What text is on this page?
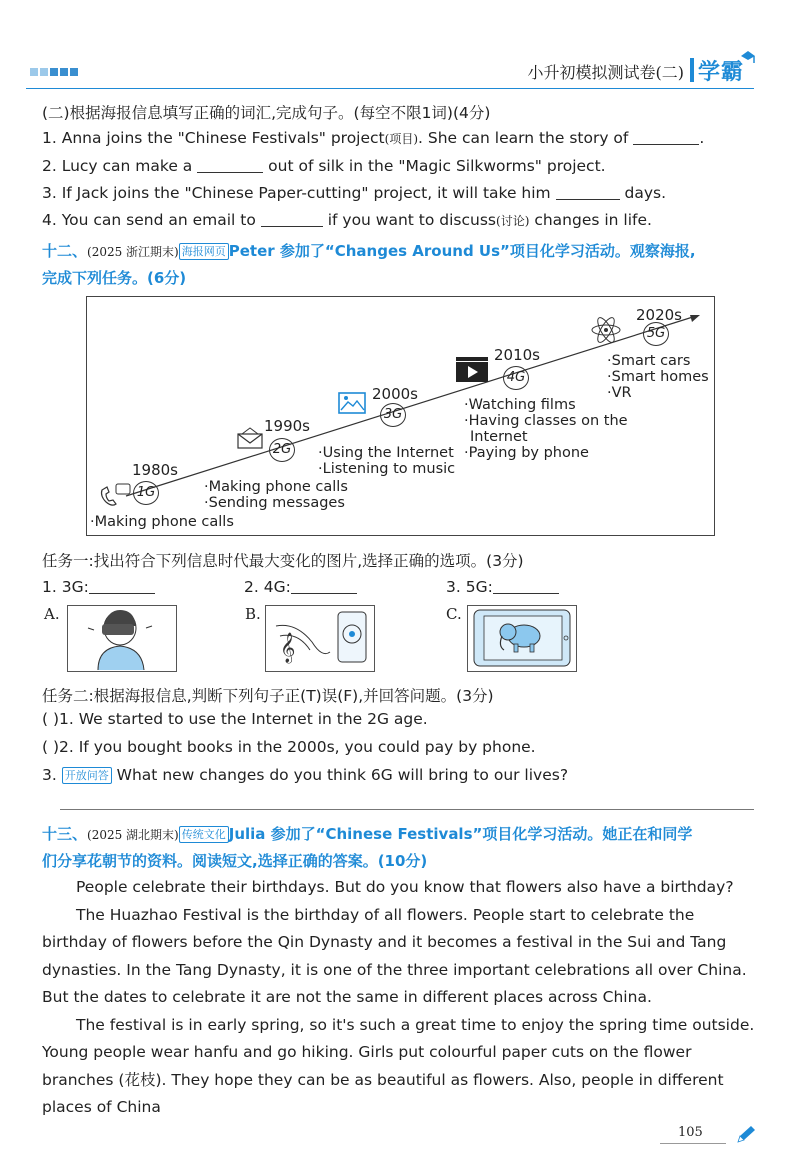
小升初模拟测试卷(二) 学霸
(二)根据海报信息填写正确的词汇,完成句子。(每空不限1词)(4分)
1. Anna joins the "Chinese Festivals" project(项目). She can learn the story of	.
2. Lucy can make a	out of silk in the "Magic Silkworms" project.
3. If Jack joins the "Chinese Paper-cutting" project, it will take him	days.
4. You can send an email to	if you want to discuss(讨论) changes in life.
十二、(2025 浙江期末) 海报网页 Peter 参加了“Changes Around Us”项目化学习活动。观察海报,
完成下列任务。(6分)
1G
2G
3G
4G
5G
1980s
1990s
2000s
2010s
2020s
·Making phone calls
·Making phone calls
·Sending messages
·Using the Internet
·Listening to music
·Watching films
·Having classes on the
Internet
·Paying by phone
·Smart cars
·Smart homes
·VR
任务一:找出符合下列信息时代最大变化的图片,选择正确的选项。(3分)
1. 3G:	2. 4G:	3. 5G:
A.	B.	C.
𝄞
任务二:根据海报信息,判断下列句子正(T)误(F),并回答问题。(3分)
( )1. We started to use the Internet in the 2G age.
( )2. If you bought books in the 2000s, you could pay by phone.
3. 开放问答 What new changes do you think 6G will bring to our lives?
十三、(2025 湖北期末) 传统文化 Julia 参加了“Chinese Festivals”项目化学习活动。她正在和同学
们分享花朝节的资料。阅读短文,选择正确的答案。(10分)

People celebrate their birthdays. But do you know that flowers also have a birthday?

The Huazhao Festival is the birthday of all flowers. People start to celebrate the birthday of flowers before the Qin Dynasty and it becomes a festival in the Sui and Tang dynasties. In the Tang Dynasty, it is one of the three important celebrations all over China. But the dates to celebrate it are not the same in different places across China.

The festival is in early spring, so it's such a great time to enjoy the spring time outside. Young people wear hanfu and go hiking. Girls put colourful paper cuts on the flower branches (花枝). They hope they can be as beautiful as flowers. Also, people in different places of China

105
